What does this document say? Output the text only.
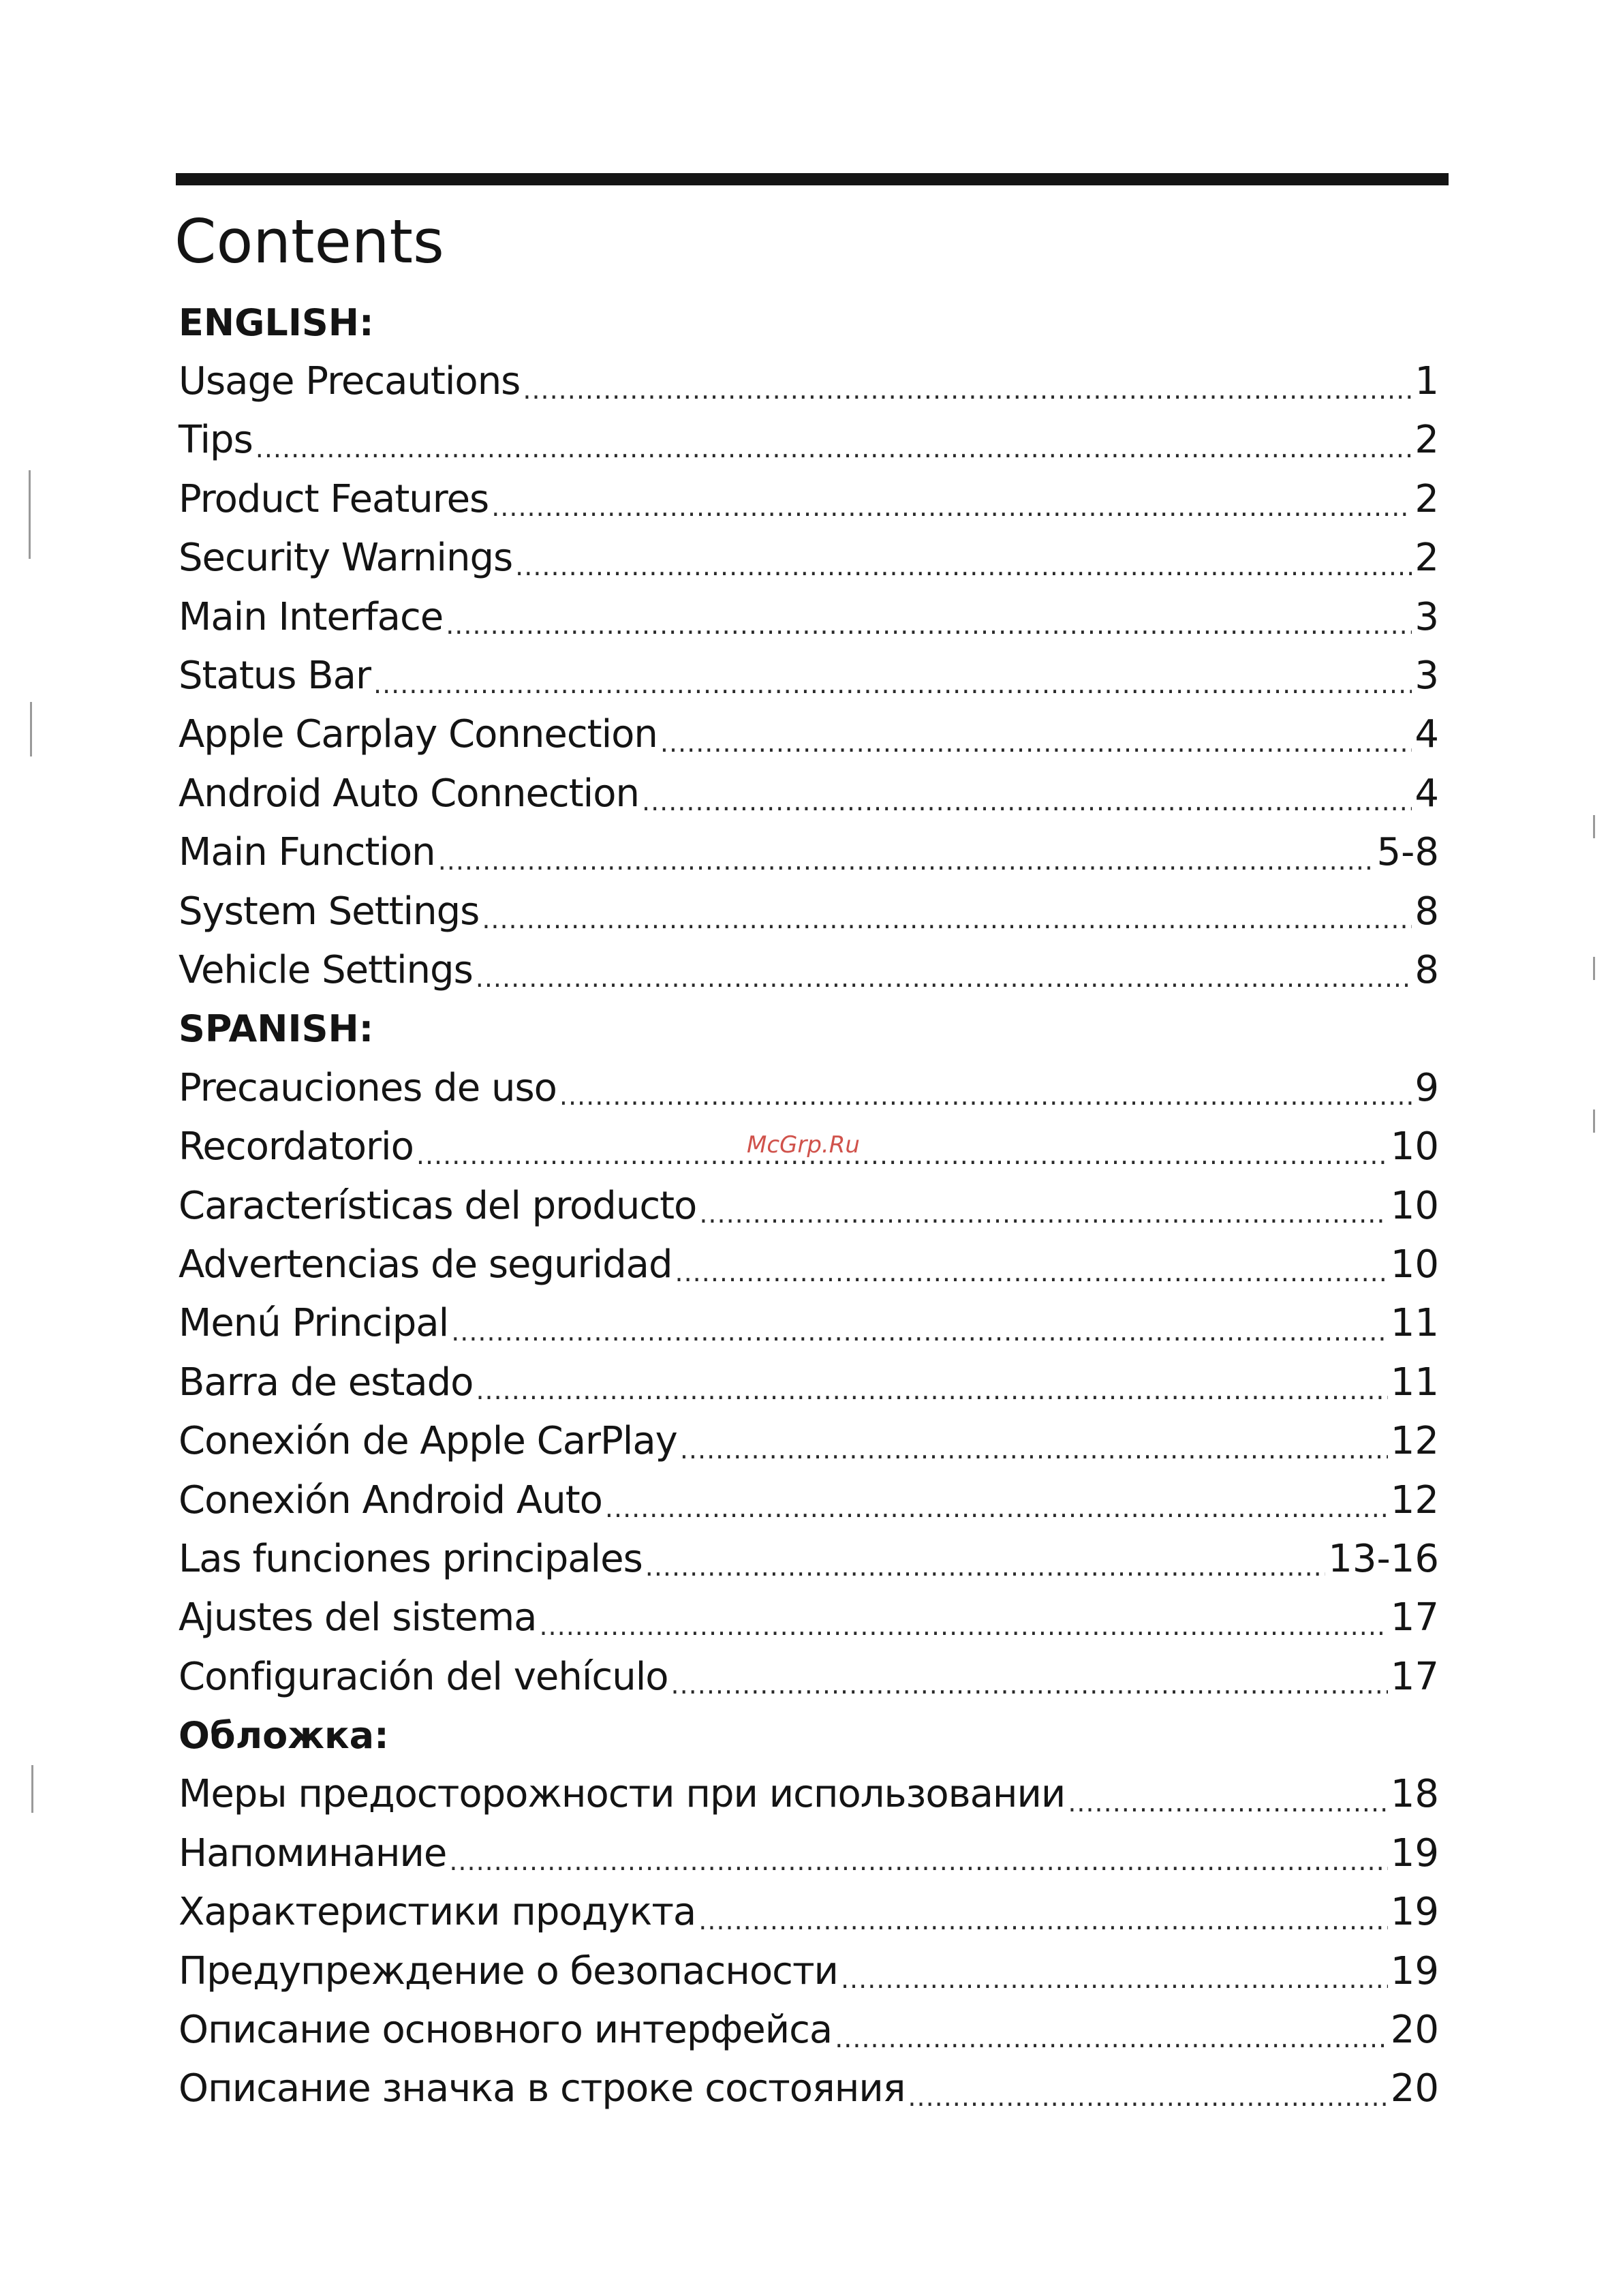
Contents
ENGLISH:
Usage Precautions .....	1
Tips .....	2
Product Features .....	2
Security Warnings .....	2
Main Interface .....	3
Status Bar .....	3
Apple Carplay Connection .....	4
Android Auto Connection .....	4
Main Function .....	5-8
System Settings .....	8
Vehicle Settings .....	8
SPANISH:
Precauciones de uso .....	9
Recordatorio .....	10
Características del producto .....	10
Advertencias de seguridad .....	10
Menú Principal .....	11
Barra de estado .....	11
Conexión de Apple CarPlay .....	12
Conexión Android Auto .....	12
Las funciones principales .....	13-16
Ajustes del sistema .....	17
Configuración del vehículo .....	17
Обложка:
Меры предосторожности при использовании .....	18
Напоминание .....	19
Характеристики продукта .....	19
Предупреждение о безопасности .....	19
Описание основного интерфейса .....	20
Описание значка в строке состояния .....	20
McGrp.Ru
